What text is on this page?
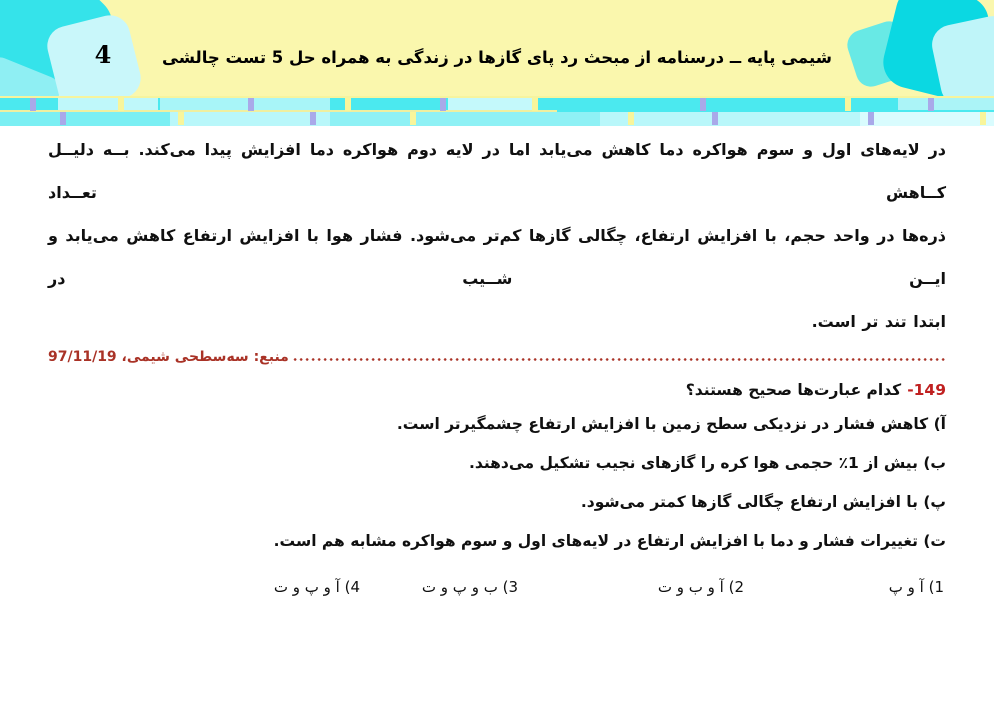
4	شیمی پایه ــ درسنامه از مبحث رد پای گازها در زندگی به همراه حل 5 تست چالشی
در لایه‌های اول و سوم هواکره دما کاهش می‌یابد اما در لایه دوم هواکره دما افزایش پیدا می‌کند. بــه دلیــل کــاهش تعــداد
ذره‌ها در واحد حجم، با افزایش ارتفاع، چگالی گازها کم‌تر می‌شود. فشار هوا با افزایش ارتفاع کاهش می‌یابد و ایــن شــیب در
ابتدا تند تر است.
منبع: سه‌سطحی شیمی، 97/11/19
149-کدام عبارت‌ها صحیح هستند؟
آ) کاهش فشار در نزدیکی سطح زمین با افزایش ارتفاع چشمگیرتر است.
ب) بیش از 1٪ حجمی هوا کره را گازهای نجیب تشکیل می‌دهند.
پ) با افزایش ارتفاع چگالی گازها کمتر می‌شود.
ت) تغییرات فشار و دما با افزایش ارتفاع در لایه‌های اول و سوم هواکره مشابه هم است.
1) آ و پ
2) آ و ب و ت
3) ب و پ و ت
4) آ و پ و ت
